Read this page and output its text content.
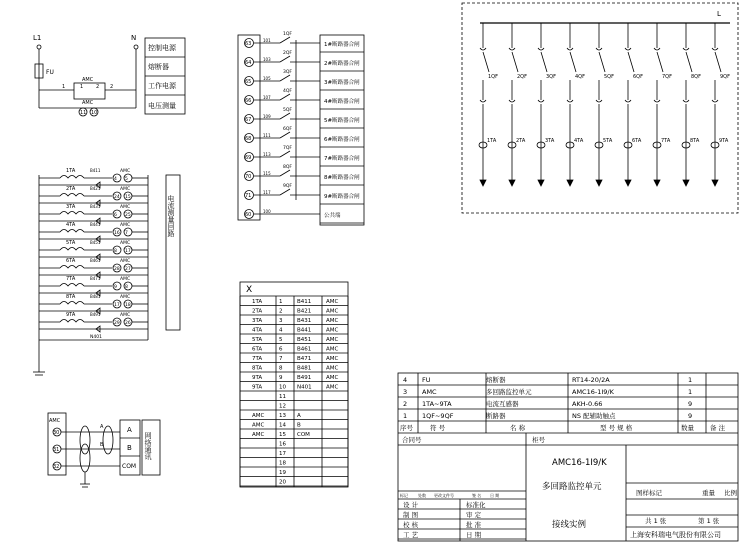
L1	N
FU
AMC
1	2
1	2
AMC
11 10
控制电源
熔断器
工作电源
电压测量
63
101
1#断路器合闸
1QF
64
103
2#断路器合闸
2QF
65
105
3#断路器合闸
3QF
66
107
4#断路器合闸
4QF
67
109
5#断路器合闸
5QF
68
111
6#断路器合闸
6QF
69
113
7#断路器合闸
7QF
70
115
8#断路器合闸
8QF
71
117
9#断路器合闸
9QF
60
100
公共端
L
1QF
1TA
2QF
2TA
3QF
3TA
4QF
4TA
5QF
5TA
6QF
6TA
7QF
7TA
8QF
8TA
9QF
9TA
电流测量回路
1TA	B411
4 5
AMC
2TA	B421
24 15
AMC
3TA	B431
6 25
AMC
4TA	B441
16 7
AMC
5TA	B451
8 17
AMC
6TA	B461
28 27
AMC
7TA	B471
9 8
AMC
8TA	B481
17 18
AMC
9TA	B491
29 26
AMC
N401
AMC
30
31
32
A
B
COM
网络通讯
A
B
X
1TA	1	B411	AMC
2TA	2	B421	AMC
3TA	3	B431	AMC
4TA	4	B441	AMC
5TA	5	B451	AMC
6TA	6	B461	AMC
7TA	7	B471	AMC
8TA	8	B481	AMC
9TA	9	B491	AMC
9TA	10 N401	AMC
11
12
AMC	13 A
AMC	14 B
AMC	15 COM
16
17
18
19
20
4 FU	熔断器	RT14-20/2A	1
3 AMC	多回路监控单元	AMC16-1I9/K	1
2 1TA~9TA	电流互感器	AKH-0.66	9
1 1QF~9QF	断路器	NS 配辅助触点	9
序号	符 号	名 称	型 号 规 格	数量 备 注
合同号	柜号
AMC16-1I9/K
多回路监控单元
接线实例
图样标记	重量 比例
共 1 张	第 1 张
上海安科瑞电气股份有限公司
标记	处数 更改文件号	签 名 日 期
设 计	标准化
制 图	审 定
校 核	批 准
工 艺	日 期
